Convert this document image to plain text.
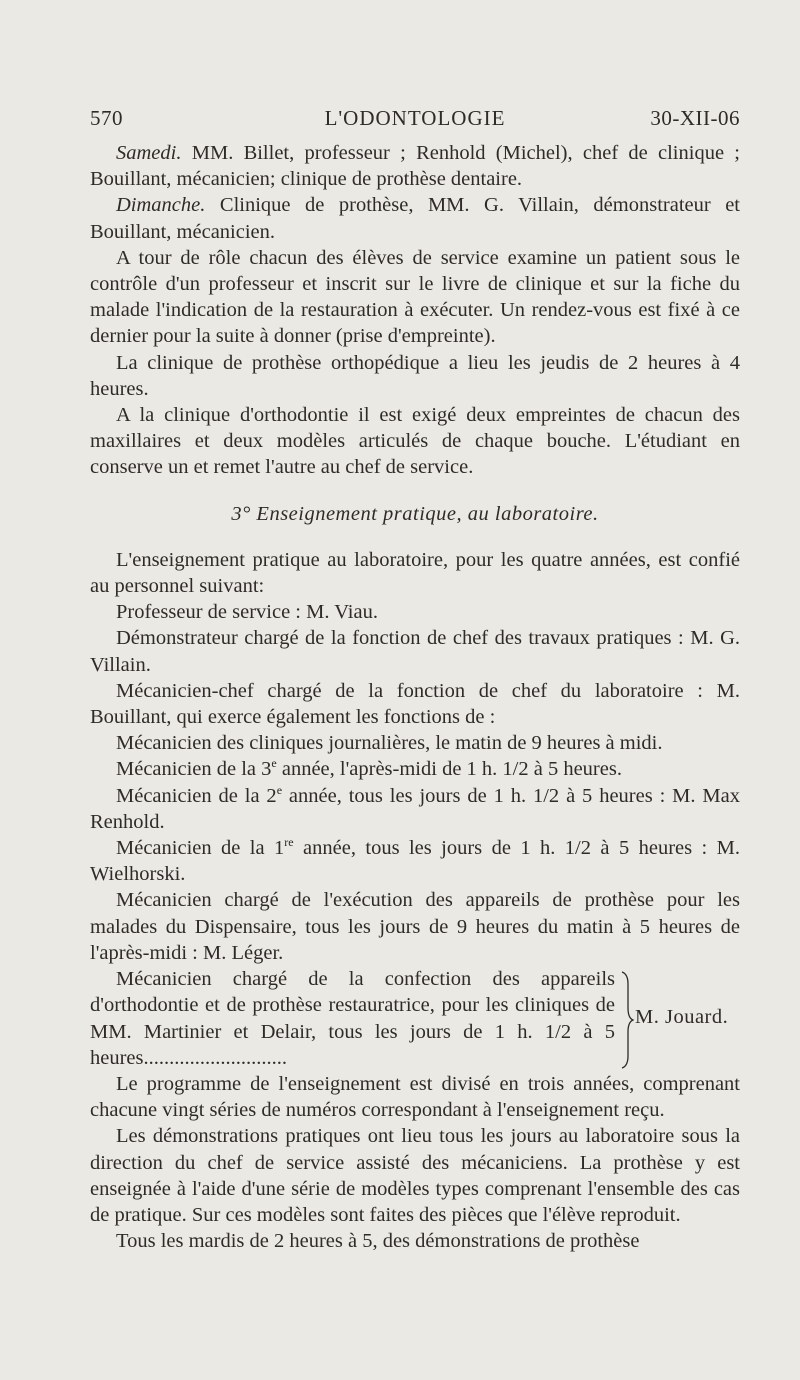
570	L'ODONTOLOGIE	30-XII-06

Samedi. MM. Billet, professeur ; Renhold (Michel), chef de clinique ; Bouillant, mécanicien; clinique de prothèse dentaire.

Dimanche. Clinique de prothèse, MM. G. Villain, démonstrateur et Bouillant, mécanicien.

A tour de rôle chacun des élèves de service examine un patient sous le contrôle d'un professeur et inscrit sur le livre de clinique et sur la fiche du malade l'indication de la restauration à exécuter. Un rendez-vous est fixé à ce dernier pour la suite à donner (prise d'empreinte).

La clinique de prothèse orthopédique a lieu les jeudis de 2 heures à 4 heures.

A la clinique d'orthodontie il est exigé deux empreintes de chacun des maxillaires et deux modèles articulés de chaque bouche. L'étudiant en conserve un et remet l'autre au chef de service.

3° Enseignement pratique, au laboratoire.

L'enseignement pratique au laboratoire, pour les quatre années, est confié au personnel suivant:

Professeur de service : M. Viau.

Démonstrateur chargé de la fonction de chef des travaux pratiques : M. G. Villain.

Mécanicien-chef chargé de la fonction de chef du laboratoire : M. Bouillant, qui exerce également les fonctions de :

Mécanicien des cliniques journalières, le matin de 9 heures à midi.

Mécanicien de la 3e année, l'après-midi de 1 h. 1/2 à 5 heures.

Mécanicien de la 2e année, tous les jours de 1 h. 1/2 à 5 heures : M. Max Renhold.

Mécanicien de la 1re année, tous les jours de 1 h. 1/2 à 5 heures : M. Wielhorski.

Mécanicien chargé de l'exécution des appareils de prothèse pour les malades du Dispensaire, tous les jours de 9 heures du matin à 5 heures de l'après-midi : M. Léger.

Mécanicien chargé de la confection des appareils d'orthodontie et de prothèse restauratrice, pour les cliniques de MM. Martinier et Delair, tous les jours de 1 h. 1/2 à 5 heures............................
M. Jouard.

Le programme de l'enseignement est divisé en trois années, comprenant chacune vingt séries de numéros correspondant à l'enseignement reçu.

Les démonstrations pratiques ont lieu tous les jours au laboratoire sous la direction du chef de service assisté des mécaniciens. La prothèse y est enseignée à l'aide d'une série de modèles types comprenant l'ensemble des cas de pratique. Sur ces modèles sont faites des pièces que l'élève reproduit.

Tous les mardis de 2 heures à 5, des démonstrations de prothèse
